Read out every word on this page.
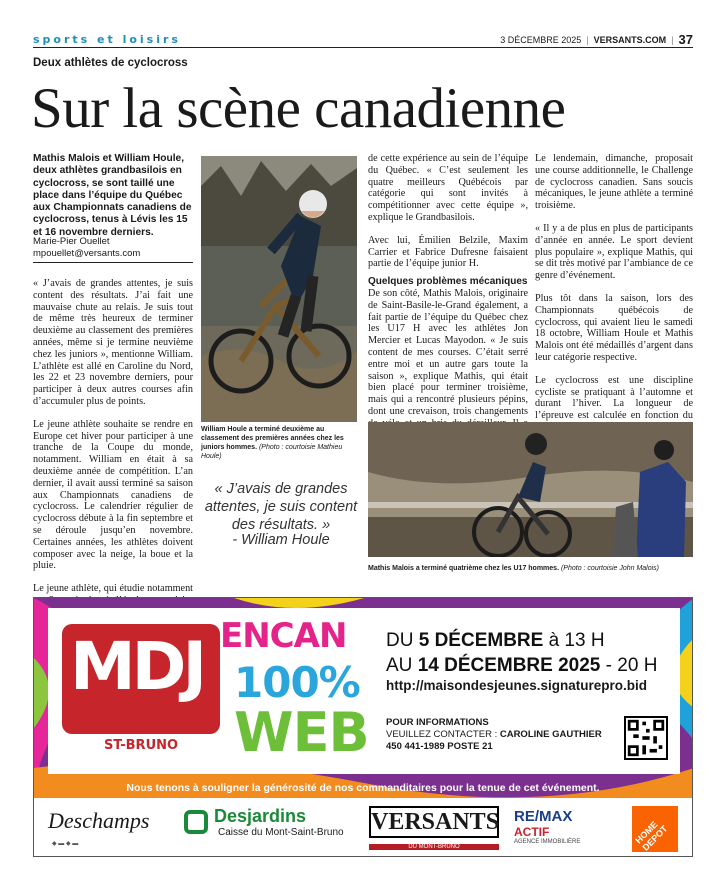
sports et loisirs	3 DÉCEMBRE 2025 | VERSANTS.COM | 37
Deux athlètes de cyclocross
Sur la scène canadienne
Mathis Malois et William Houle, deux athlètes grandbasilois en cyclocross, se sont taillé une place dans l’équipe du Québec aux Championnats canadiens de cyclocross, tenus à Lévis les 15 et 16 novembre derniers.
Marie-Pier Ouellet
mpouellet@versants.com

« J’avais de grandes attentes, je suis content des résultats. J’ai fait une mauvaise chute au relais. Je suis tout de même très heureux de terminer deuxième au classement des premières années, même si je termine neuvième chez les juniors », mentionne William. L’athlète est allé en Caroline du Nord, les 22 et 23 novembre derniers, pour participer à deux autres courses afin d’accumuler plus de points.

Le jeune athlète souhaite se rendre en Europe cet hiver pour participer à une tranche de la Coupe du monde, notamment. William en était à sa deuxième année de compétition. L’an dernier, il avait aussi terminé sa saison aux Championnats canadiens de cyclocross. Le calendrier régulier de cyclocross débute à la fin septembre et se déroule jusqu’en novembre. Certaines années, les athlètes doivent composer avec la neige, la boue et la pluie.

Le jeune athlète, qui étudie notamment

William Houle a terminé deuxième au classement des premières années chez les juniors hommes. (Photo : courtoisie Mathieu Houle)
« J’avais de grandes attentes, je suis content des résultats. »
- William Houle

de cette expérience au sein de l’équipe du Québec. « C’est seulement les quatre meilleurs Québécois par catégorie qui sont invités à compétitionner avec cette équipe », explique le Grandbasilois.

Avec lui, Émilien Belzile, Maxim Carrier et Fabrice Dufresne faisaient partie de l’équipe junior H.

Quelques problèmes mécaniques

De son côté, Mathis Malois, originaire de Saint-Basile-le-Grand également, a fait partie de l’équipe du Québec chez les U17 H avec les athlètes Jon Mercier et Lucas Mayodon. « Je suis content de mes courses. C’était serré entre moi et un autre gars toute la saison », explique Mathis, qui était bien placé pour terminer troisième, mais qui a rencontré plusieurs pépins, dont une crevaison, trois changements

Le lendemain, dimanche, proposait une course additionnelle, le Challenge de cyclocross canadien. Sans soucis mécaniques, le jeune athlète a terminé troisième.

« Il y a de plus en plus de participants d’année en année. Le sport devient plus populaire », explique Mathis, qui se dit très motivé par l’ambiance de ce genre d’événement.

Plus tôt dans la saison, lors des Championnats québécois de cyclocross, qui avaient lieu le samedi 18 octobre, William Houle et Mathis Malois ont été médaillés d’argent dans leur catégorie respective.

Le cyclocross est une discipline cycliste se pratiquant à l’automne et durant l’hiver. La longueur de l’épreuve est calculée en fonction du

Mathis Malois a terminé quatrième chez les U17 hommes. (Photo : courtoisie John Malois)
MDJ
ST-BRUNO
ENCAN
100%
WEB
DU 5 DÉCEMBRE à 13 H
AU 14 DÉCEMBRE 2025 - 20 H
http://maisondesjeunes.signaturepro.bid
POUR INFORMATIONS
VEUILLEZ CONTACTER : CAROLINE GAUTHIER
450 441-1989 POSTE 21
Nous tenons à souligner la générosité de nos commanditaires pour la tenue de cet événement.
Deschamps
◆ ▬ ◆ ▬
Desjardins
Caisse du Mont-Saint-Bruno VERSANTS
DU MONT-BRUNO
RE/MAX
ACTIF
AGENCE IMMOBILIÈRE	HOME DEPOT
